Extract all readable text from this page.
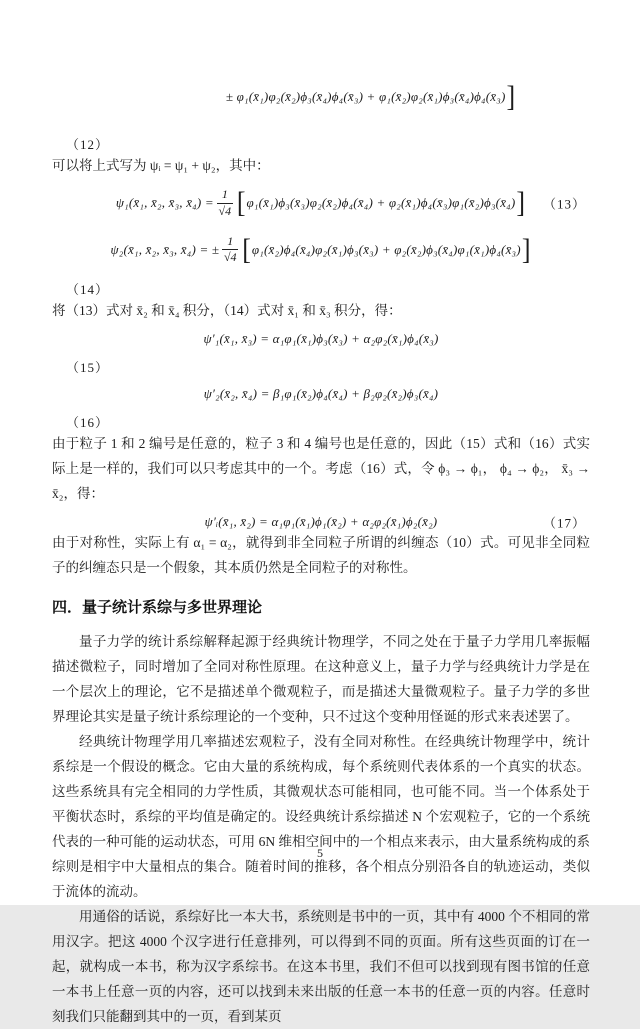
± φ₁(x̄₁)φ₂(x̄₂)ϕ₃(x̄₄)ϕ₄(x̄₃) + φ₁(x̄₂)φ₂(x̄₁)ϕ₃(x̄₄)ϕ₄(x̄₃) ]
（12）

可以将上式写为 ψᵢ = ψ₁ + ψ₂，其中：

ψ₁(x̄₁, x̄₂, x̄₃, x̄₄) = $\frac{1}{√4}$ [ φ₁(x̄₁)ϕ₃(x̄₃)φ₂(x̄₂)ϕ₄(x̄₄) + φ₂(x̄₁)ϕ₄(x̄₃)φ₁(x̄₂)ϕ₃(x̄₄) ] （13）
ψ₂(x̄₁, x̄₂, x̄₃, x̄₄) = ± $\frac{1}{√4}$ [ φ₁(x̄₂)ϕ₄(x̄₄)φ₂(x̄₁)ϕ₃(x̄₃) + φ₂(x̄₂)ϕ₃(x̄₄)φ₁(x̄₁)ϕ₄(x̄₃) ]
（14）

将（13）式对 x̄₂ 和 x̄₄ 积分，（14）式对 x̄₁ 和 x̄₃ 积分，得：

ψ′₁(x̄₁, x̄₃) = α₁φ₁(x̄₁)ϕ₃(x̄₃) + α₂φ₂(x̄₁)ϕ₄(x̄₃)
（15）
ψ′₂(x̄₂, x̄₄) = β₁φ₁(x̄₂)ϕ₄(x̄₄) + β₂φ₂(x̄₂)ϕ₃(x̄₄)
（16）

由于粒子 1 和 2 编号是任意的，粒子 3 和 4 编号也是任意的，因此（15）式和（16）式实际上是一样的，我们可以只考虑其中的一个。考虑（16）式，令 ϕ₃ → ϕ₁， ϕ₄ → ϕ₂， x̄₃ → x̄₂，得：

ψ′ᵢ(x̄₁, x̄₂) = α₁φ₁(x̄₁)ϕ₁(x̄₂) + α₂φ₂(x̄₁)ϕ₂(x̄₂)	（17）

由于对称性，实际上有 α₁ = α₂，就得到非全同粒子所谓的纠缠态（10）式。可见非全同粒子的纠缠态只是一个假象，其本质仍然是全同粒子的对称性。

四．量子统计系综与多世界理论

量子力学的统计系综解释起源于经典统计物理学，不同之处在于量子力学用几率振幅描述微粒子，同时增加了全同对称性原理。在这种意义上，量子力学与经典统计力学是在一个层次上的理论，它不是描述单个微观粒子，而是描述大量微观粒子。量子力学的多世界理论其实是量子统计系综理论的一个变种，只不过这个变种用怪诞的形式来表述罢了。

经典统计物理学用几率描述宏观粒子，没有全同对称性。在经典统计物理学中，统计系综是一个假设的概念。它由大量的系统构成，每个系统则代表体系的一个真实的状态。这些系统具有完全相同的力学性质，其微观状态可能相同，也可能不同。当一个体系处于平衡状态时，系综的平均值是确定的。设经典统计系综描述 N 个宏观粒子，它的一个系统代表的一种可能的运动状态，可用 6N 维相空间中的一个相点来表示，由大量系统构成的系综则是相宇中大量相点的集合。随着时间的推移，各个相点分别沿各自的轨迹运动，类似于流体的流动。

用通俗的话说，系综好比一本大书，系统则是书中的一页，其中有 4000 个不相同的常用汉字。把这 4000 个汉字进行任意排列，可以得到不同的页面。所有这些页面的订在一起，就构成一本书，称为汉字系综书。在这本书里，我们不但可以找到现有图书馆的任意一本书上任意一页的内容，还可以找到未来出版的任意一本书的任意一页的内容。任意时刻我们只能翻到其中的一页，看到某页

5
